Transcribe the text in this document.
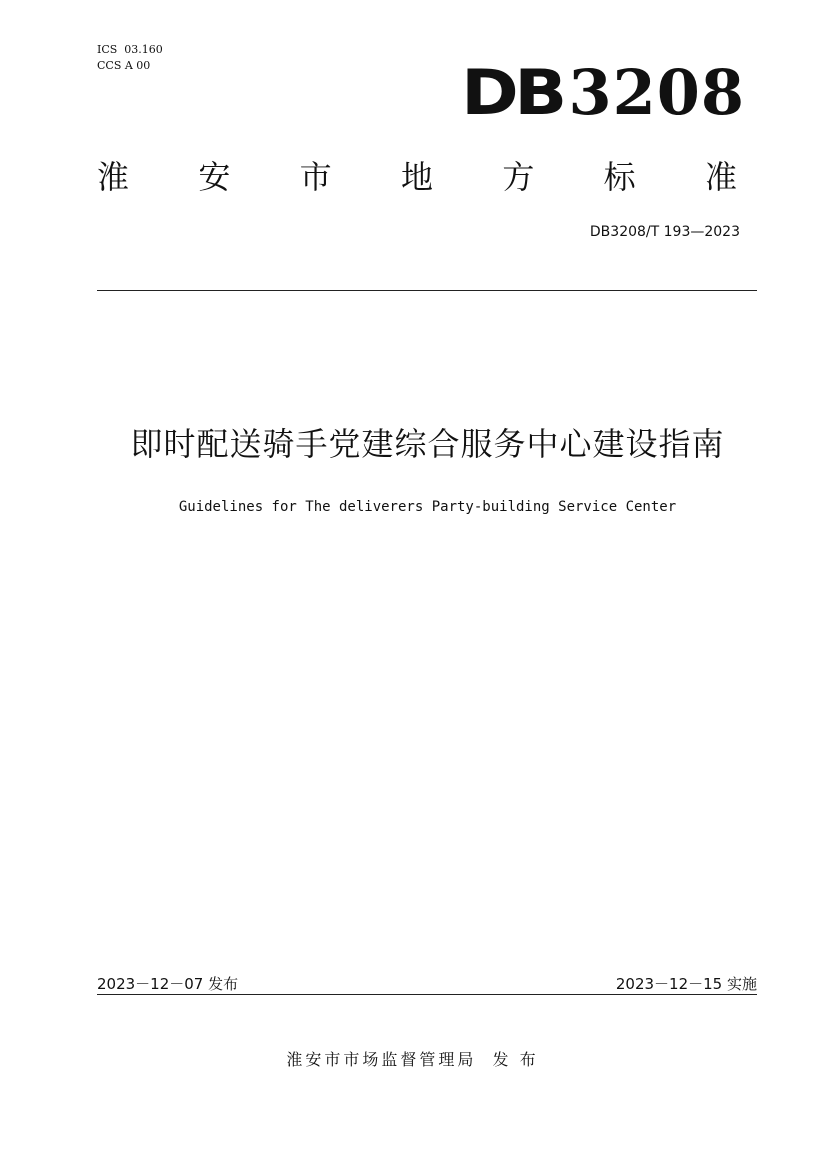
ICS  03.160
CCS A 00	DB 3208
淮 安 市 地 方 标 准
DB3208/T 193—2023
即时配送骑手党建综合服务中心建设指南
Guidelines for The deliverers Party-building Service Center
2023－12－07 发布	2023－12－15 实施
淮安市市场监督管理局  发 布
